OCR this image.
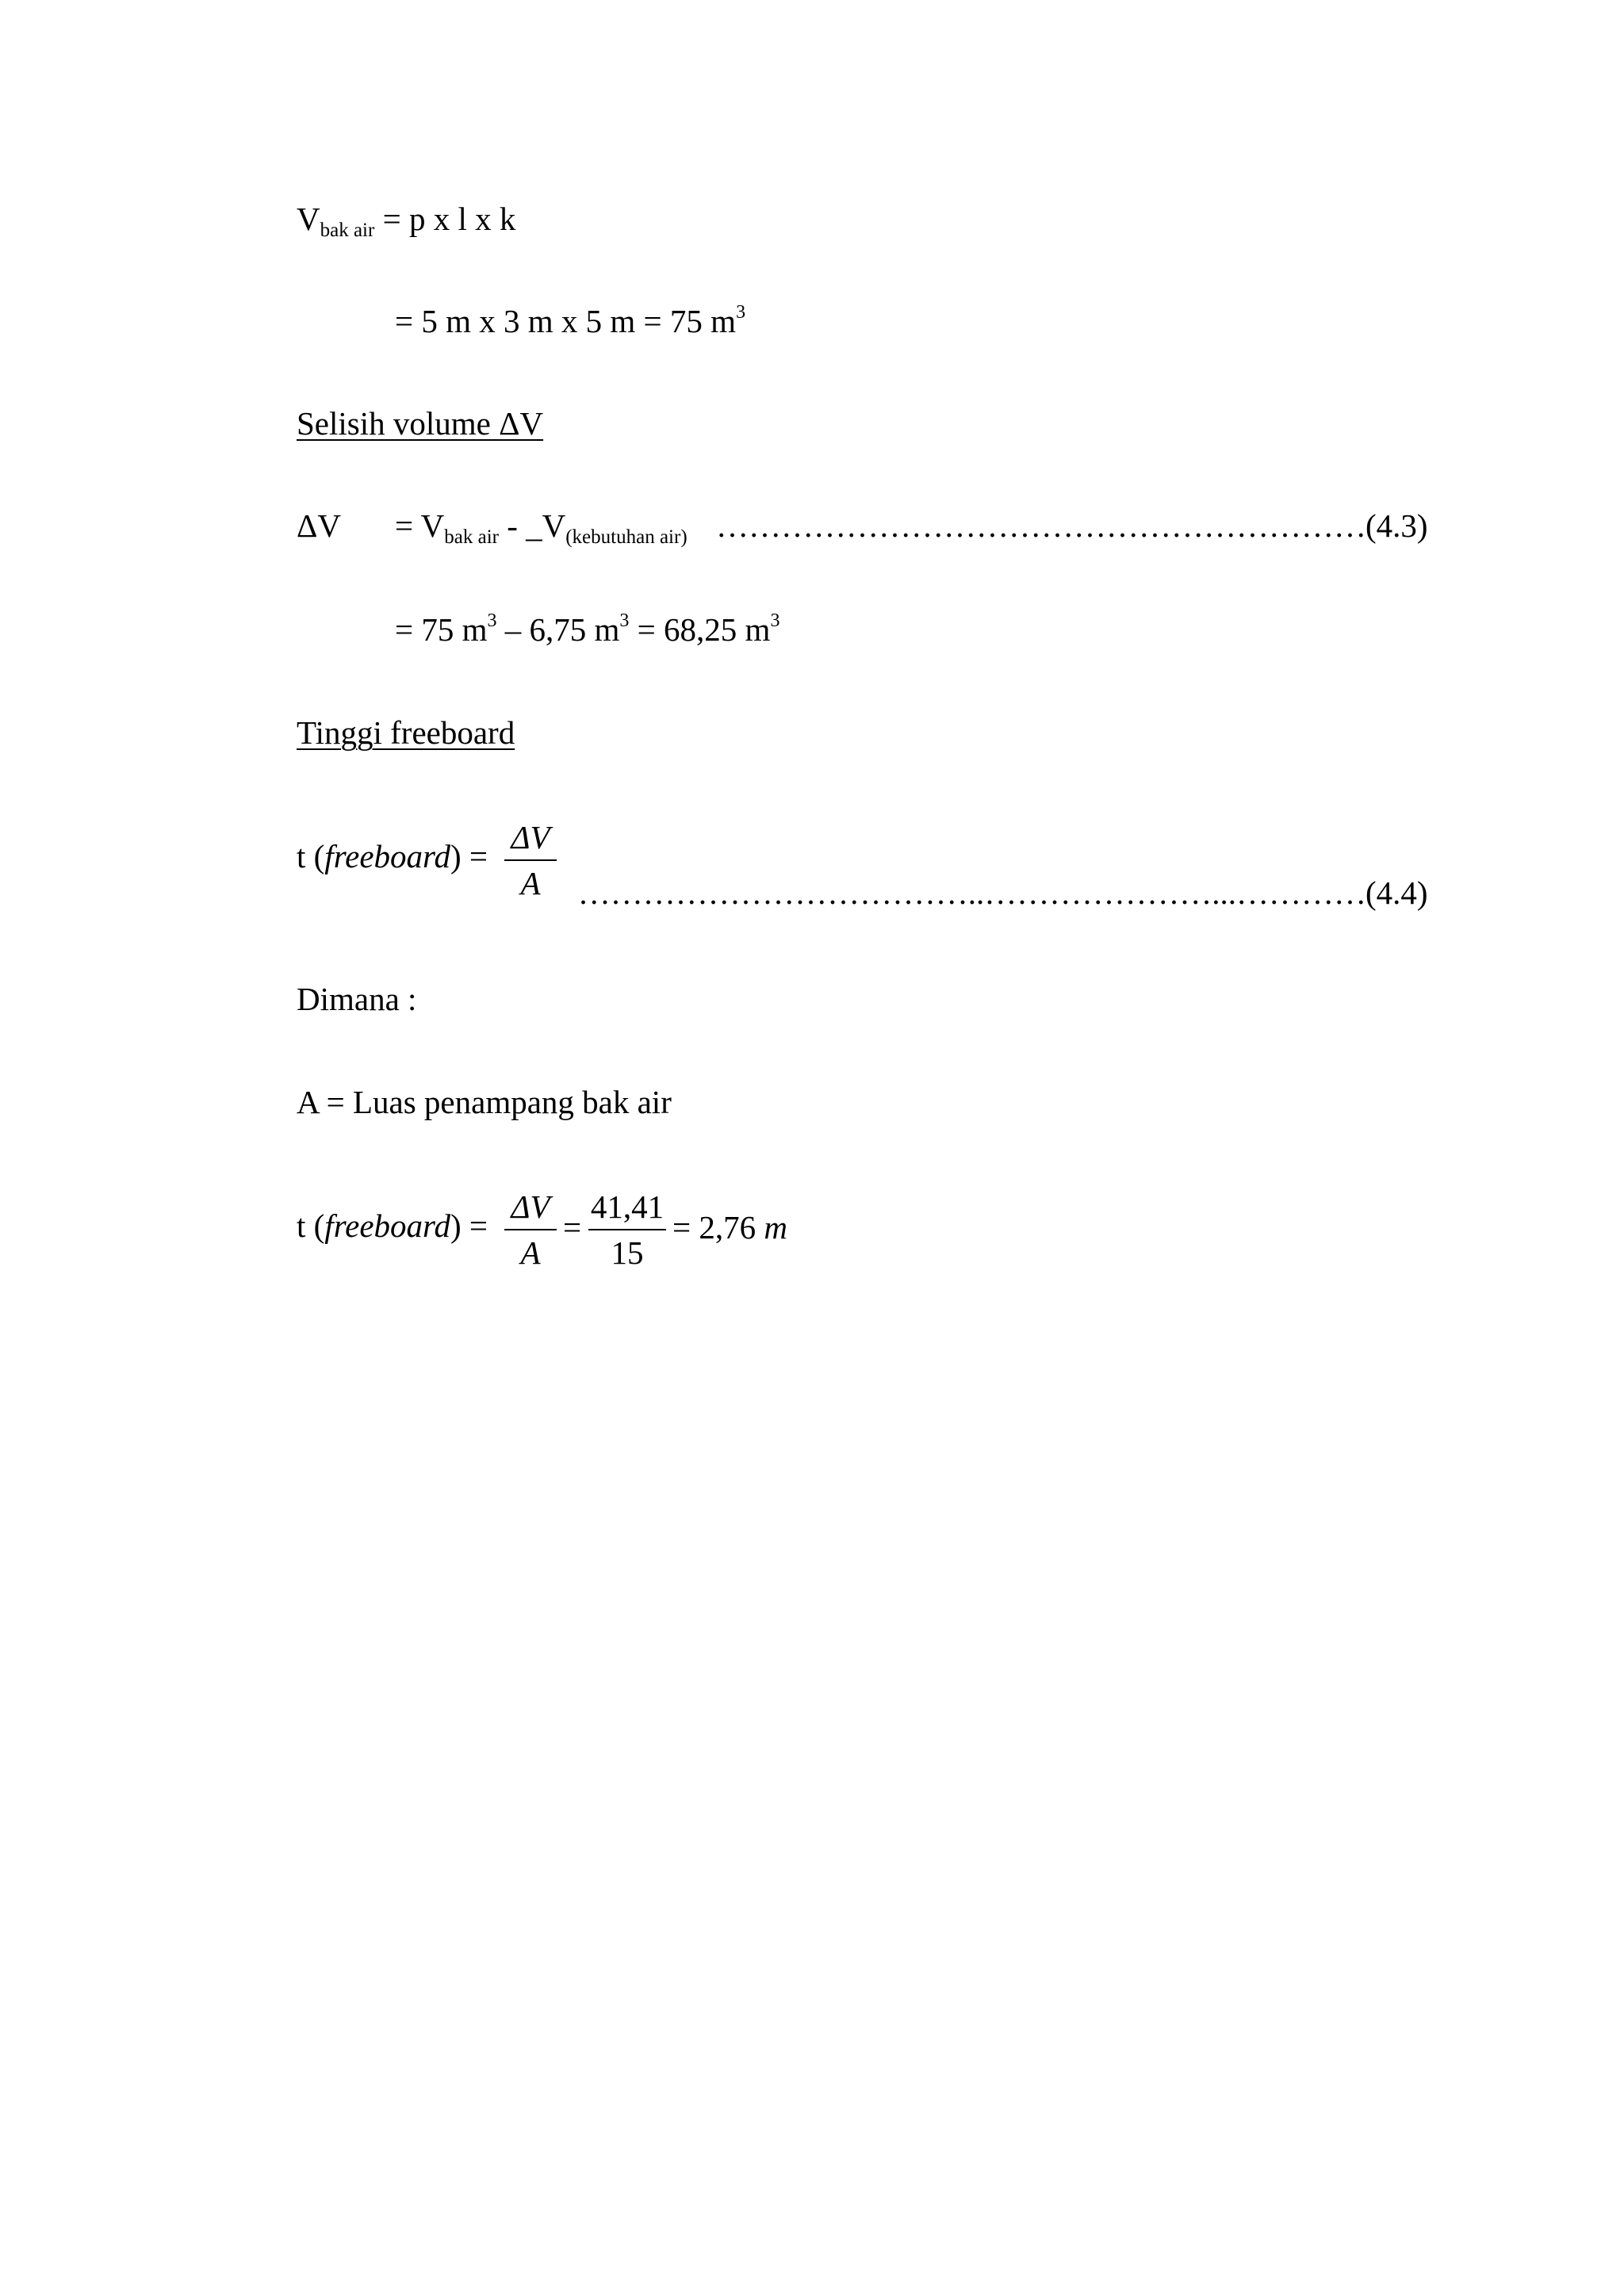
Vbak air = p x l x k
= 5 m x 3 m x 5 m = 75 $m^3$
Selisih volume ΔV
ΔV = Vbak air - _V(kebutuhan air) …………………………………………………… (4.3)
= 75 $m^3 - 6,75$ $m^3 = 68,25$ $m^3$
Tinggi freeboard
t (freeboard) =
ΔV
A	………………………………..…………………...………… (4.4)
Dimana :
A = Luas penampang bak air
t (freeboard) =
ΔV
A
=
41,41
15
= 2,76 m
